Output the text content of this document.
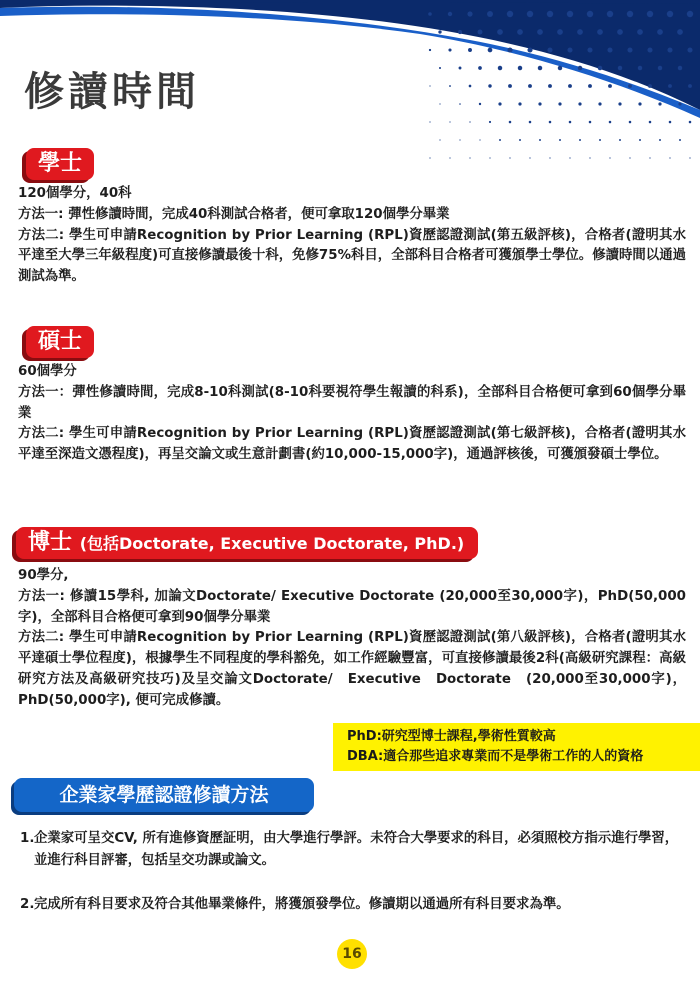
修讀時間
學士
120個學分，40科
方法一: 彈性修讀時間，完成40科測試合格者，便可拿取120個學分畢業
方法二: 學生可申請Recognition by Prior Learning (RPL)資歷認證測試(第五級評核)，合格者(證明其水平達至大學三年級程度)可直接修讀最後十科，免修75%科目，全部科目合格者可獲頒學士學位。修讀時間以通過測試為準。
碩士
60個學分
方法一：彈性修讀時間，完成8-10科測試(8-10科要視符學生報讀的科系)，全部科目合格便可拿到60個學分畢業
方法二: 學生可申請Recognition by Prior Learning (RPL)資歷認證測試(第七級評核)，合格者(證明其水平達至深造文憑程度)，再呈交論文或生意計劃書(約10,000-15,000字)，通過評核後，可獲頒發碩士學位。
博士 (包括Doctorate, Executive Doctorate, PhD.)
90學分,
方法一: 修讀15學科, 加論文Doctorate/ Executive Doctorate (20,000至30,000字)，PhD(50,000字)，全部科目合格便可拿到90個學分畢業
方法二: 學生可申請Recognition by Prior Learning (RPL)資歷認證測試(第八級評核)，合格者(證明其水平達碩士學位程度)，根據學生不同程度的學科豁免，如工作經驗豐富，可直接修讀最後2科(高級研究課程：高級研究方法及高級研究技巧)及呈交論文Doctorate/　Executive　Doctorate　(20,000至30,000字)，PhD(50,000字), 便可完成修讀。
PhD:研究型博士課程,學術性質較高
DBA:適合那些追求專業而不是學術工作的人的資格
企業家學歷認證修讀方法
1. 企業家可呈交CV, 所有進修資歷証明，由大學進行學評。未符合大學要求的科目，必須照校方指示進行學習，並進行科目評審，包括呈交功課或論文。
2. 完成所有科目要求及符合其他畢業條件，將獲頒發學位。修讀期以通過所有科目要求為準。
16
